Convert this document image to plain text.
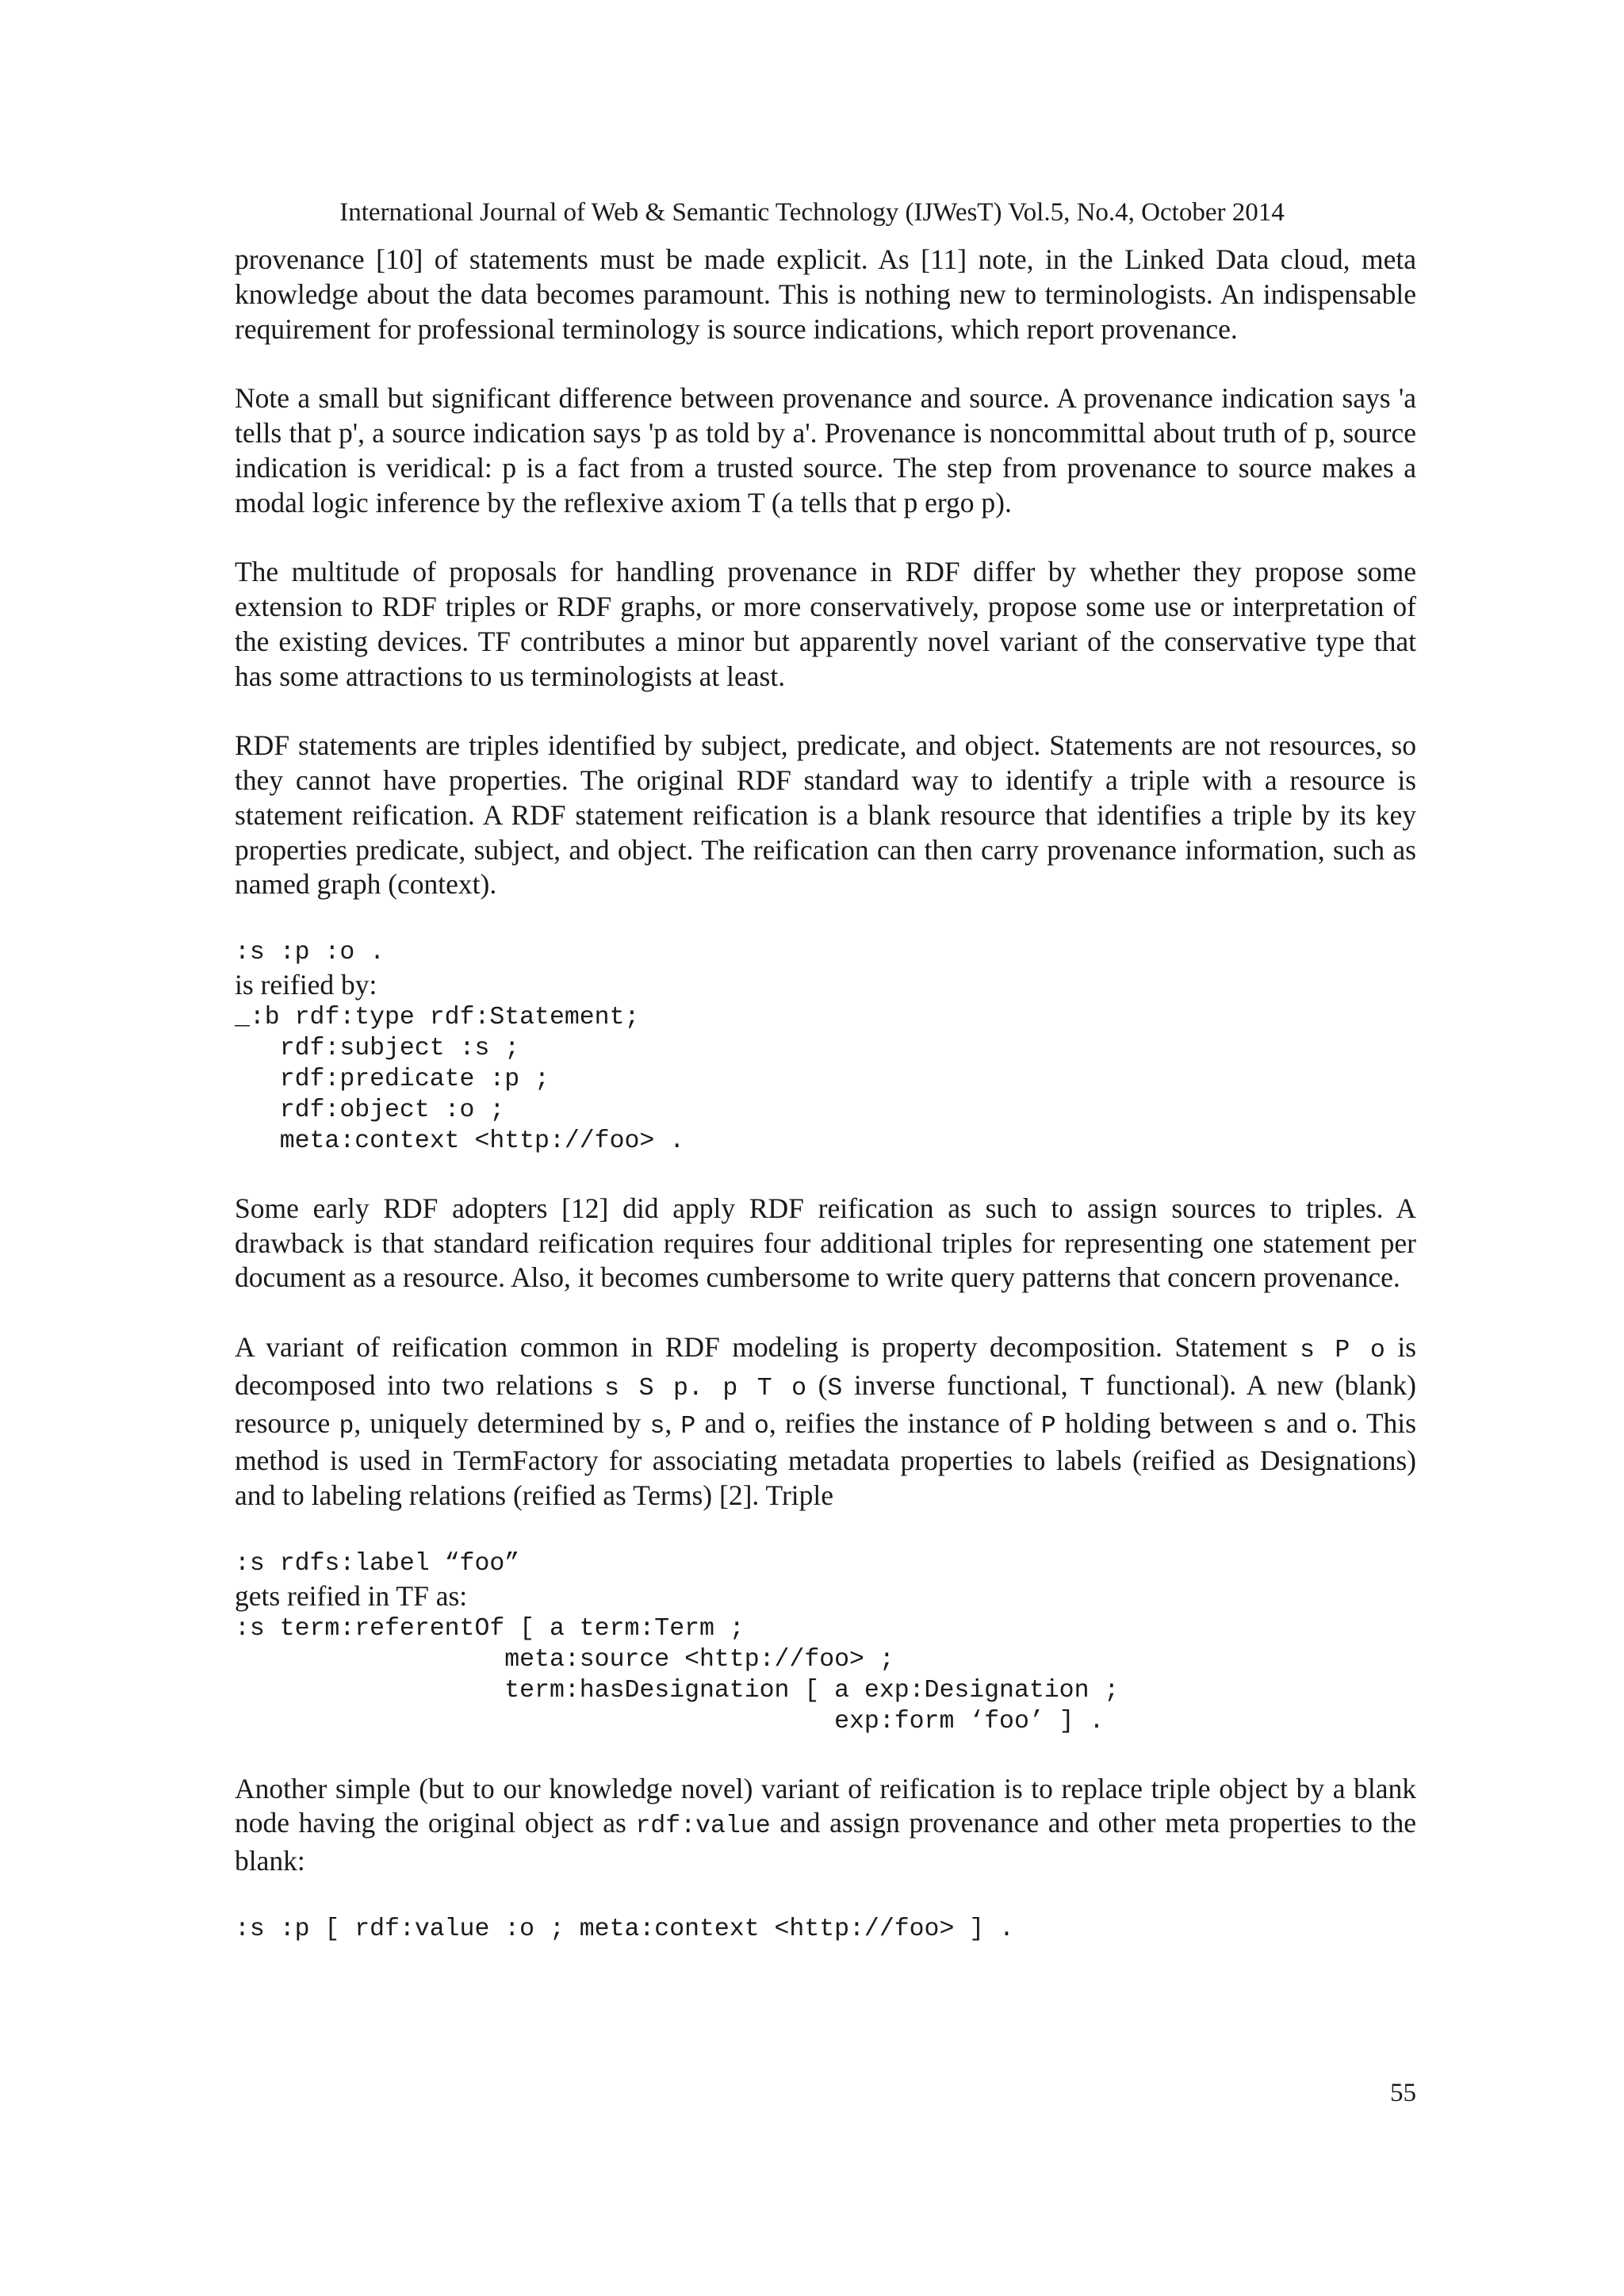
International Journal of Web & Semantic Technology (IJWesT) Vol.5, No.4, October 2014

provenance [10] of statements must be made explicit. As [11] note, in the Linked Data cloud, meta knowledge about the data becomes paramount. This is nothing new to terminologists. An indispensable requirement for professional terminology is source indications, which report provenance.

Note a small but significant difference between provenance and source. A provenance indication says 'a tells that p', a source indication says 'p as told by a'. Provenance is noncommittal about truth of p, source indication is veridical: p is a fact from a trusted source. The step from provenance to source makes a modal logic inference by the reflexive axiom T (a tells that p ergo p).

The multitude of proposals for handling provenance in RDF differ by whether they propose some extension to RDF triples or RDF graphs, or more conservatively, propose some use or interpretation of the existing devices. TF contributes a minor but apparently novel variant of the conservative type that has some attractions to us terminologists at least.

RDF statements are triples identified by subject, predicate, and object. Statements are not resources, so they cannot have properties. The original RDF standard way to identify a triple with a resource is statement reification. A RDF statement reification is a blank resource that identifies a triple by its key properties predicate, subject, and object. The reification can then carry provenance information, such as named graph (context).

:s :p :o .
is reified by:
_:b rdf:type rdf:Statement;
rdf:subject :s ;
rdf:predicate :p ;
rdf:object :o ;
meta:context <http://foo> .

Some early RDF adopters [12] did apply RDF reification as such to assign sources to triples. A drawback is that standard reification requires four additional triples for representing one statement per document as a resource. Also, it becomes cumbersome to write query patterns that concern provenance.

A variant of reification common in RDF modeling is property decomposition. Statement s P o is decomposed into two relations s S p. p T o (S inverse functional, T functional). A new (blank) resource p, uniquely determined by s, P and o, reifies the instance of P holding between s and o. This method is used in TermFactory for associating metadata properties to labels (reified as Designations) and to labeling relations (reified as Terms) [2]. Triple

:s rdfs:label “foo”
gets reified in TF as:
:s term:referentOf [ a term:Term ;
meta:source <http://foo> ;
term:hasDesignation [ a exp:Designation ;
exp:form ‘foo’ ] .

Another simple (but to our knowledge novel) variant of reification is to replace triple object by a blank node having the original object as rdf:value and assign provenance and other meta properties to the blank:

:s :p [ rdf:value :o ; meta:context <http://foo> ] .
55
